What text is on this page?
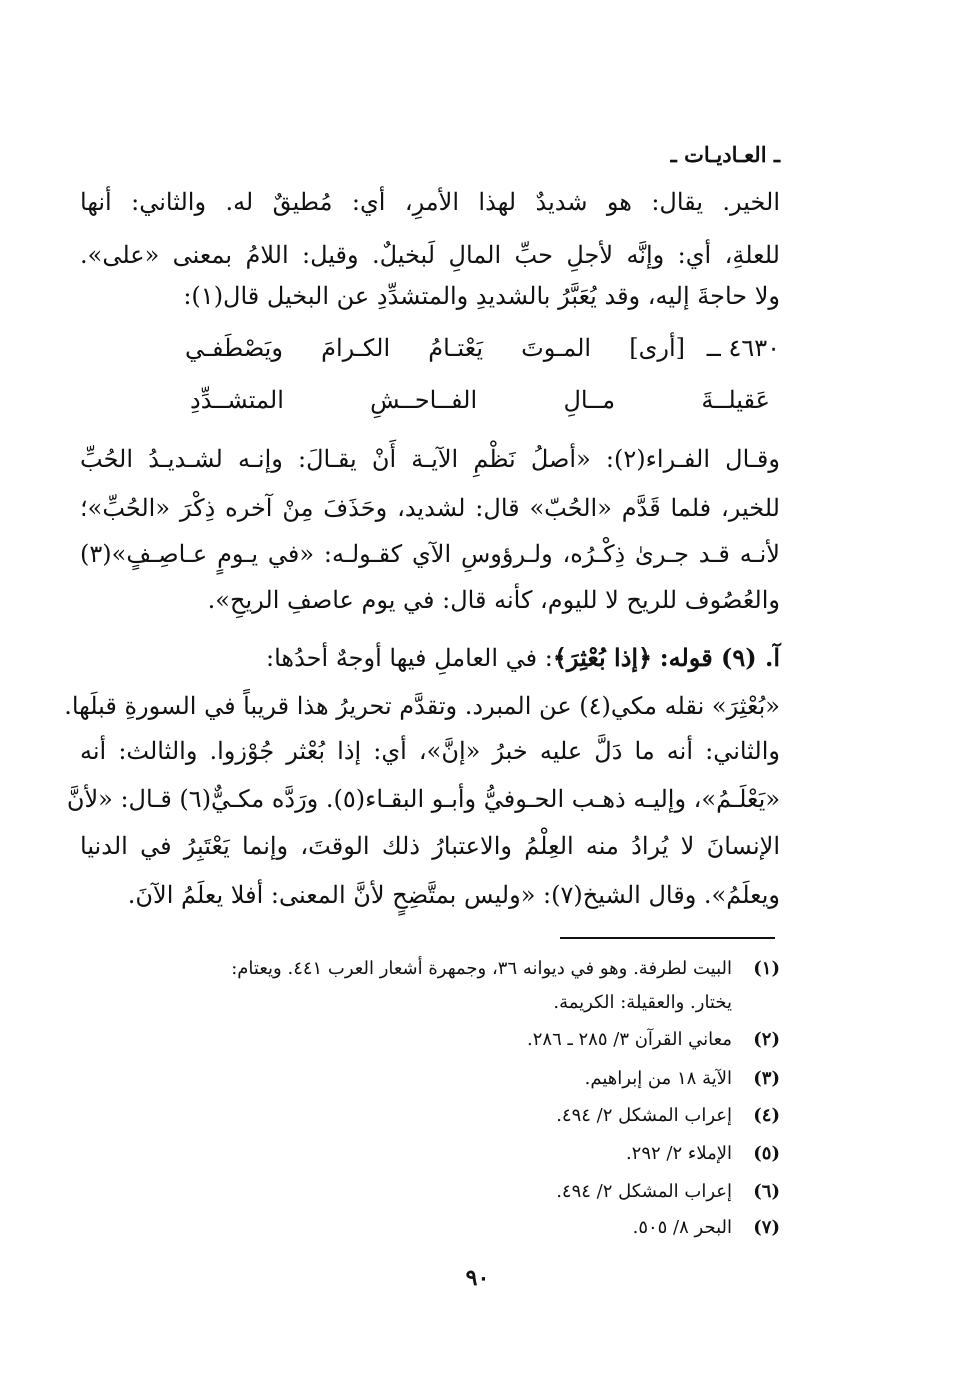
ـ العـاديـات ـ
الخير. يقال: هو شديدٌ لهذا الأمرِ، أي: مُطيقٌ له. والثاني: أنها
للعلةِ، أي: وإنَّه لأجلِ حبِّ المالِ لَبخيلٌ. وقيل: اللامُ بمعنى «على».
ولا حاجةَ إليه، وقد يُعَبَّرُ بالشديدِ والمتشدِّدِ عن البخيل قال(١):
٤٦٣٠ ــ
[أرى] المـوتَ يَعْتـامُ الكـرامَ ويَصْطَفـي
عَقيلــةَ مــالِ الفــاحــشِ المتشــدِّدِ
وقـال الفـراء(٢): «أصلُ نَظْمِ الآيـة أَنْ يقـالَ: وإنـه لشـديـدُ الحُبِّ
للخير، فلما قَدَّم «الحُبّ» قال: لشديد، وحَذَفَ مِنْ آخره ذِكْرَ «الحُبِّ»؛
لأنـه قـد جـرىٰ ذِكْـرُه، ولـرؤوسِ الآي كقـولـه: «في يـومٍ عـاصِـفٍ»(٣)
والعُصُوف للريح لا لليوم، كأنه قال: في يوم عاصفِ الريحِ».
آ. (٩) قوله: ﴿إذا بُعْثِرَ﴾: في العاملِ فيها أوجهٌ أحدُها:
«بُعْثِرَ» نقله مكي(٤) عن المبرد. وتقدَّم تحريرُ هذا قريباً في السورةِ قبلَها.
والثاني: أنه ما دَلَّ عليه خبرُ «إنَّ»، أي: إذا بُعْثر جُوْزوا. والثالث: أنه
«يَعْلَـمُ»، وإليـه ذهـب الحـوفيُّ وأبـو البقـاء(٥). ورَدَّه مكـيٌّ(٦) قـال: «لأنَّ
الإنسانَ لا يُرادُ منه العِلْمُ والاعتبارُ ذلك الوقتَ، وإنما يَعْتَبِرُ في الدنيا
ويعلَمُ». وقال الشيخ(٧): «وليس بمتَّضِحٍ لأنَّ المعنى: أفلا يعلَمُ الآنَ.
(١)البيت لطرفة. وهو في ديوانه ٣٦، وجمهرة أشعار العرب ٤٤١. ويعتام:
يختار. والعقيلة: الكريمة.
(٢)معاني القرآن ٣/ ٢٨٥ ـ ٢٨٦.
(٣)الآية ١٨ من إبراهيم.
(٤)إعراب المشكل ٢/ ٤٩٤.
(٥)الإملاء ٢/ ٢٩٢.
(٦)إعراب المشكل ٢/ ٤٩٤.
(٧)البحر ٨/ ٥٠٥.
٩٠
